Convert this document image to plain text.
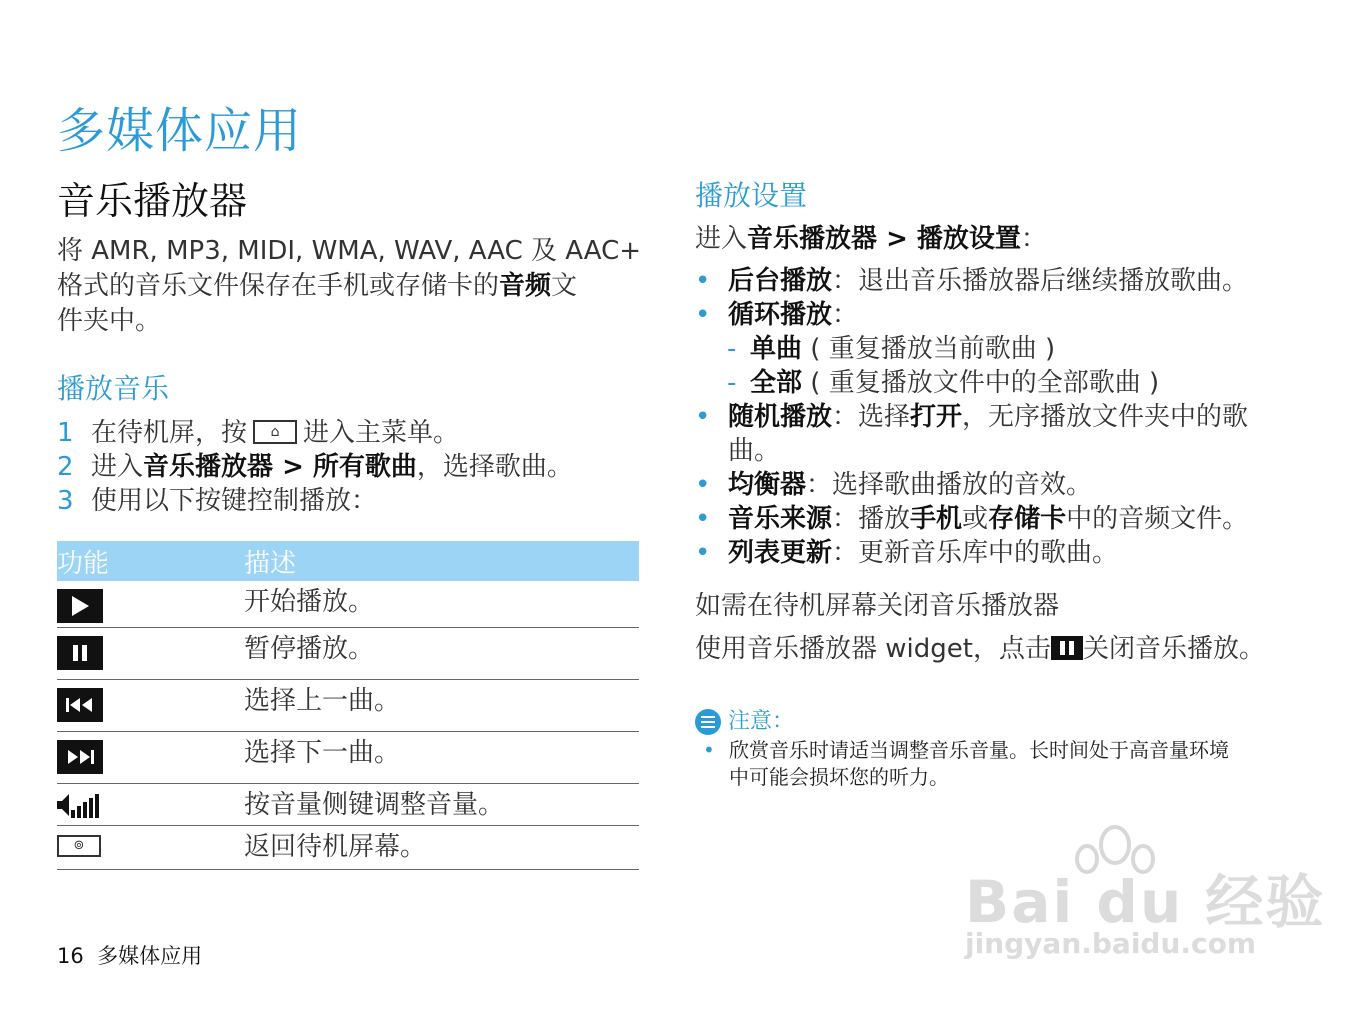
多媒体应用
音乐播放器
将 AMR, MP3, MIDI, WMA, WAV, AAC 及 AAC+
格式的音乐文件保存在手机或存储卡的音频文
件夹中。
播放音乐
1 在待机屏，按 ⌂ 进入主菜单。
2 进入音乐播放器 > 所有歌曲，选择歌曲。
3 使用以下按键控制播放：
功能	描述

	开始播放。

	暂停播放。

	选择上一曲。

	选择下一曲。

	按音量侧键调整音量。
⊚	返回待机屏幕。
播放设置
进入音乐播放器 > 播放设置：
• 后台播放：退出音乐播放器后继续播放歌曲。
• 循环播放：
- 单曲 ( 重复播放当前歌曲 )
- 全部 ( 重复播放文件中的全部歌曲 )
• 随机播放：选择打开，无序播放文件夹中的歌
曲。
• 均衡器：选择歌曲播放的音效。
• 音乐来源：播放手机或存储卡中的音频文件。
• 列表更新：更新音乐库中的歌曲。
如需在待机屏幕关闭音乐播放器
使用音乐播放器 widget，点击 关闭音乐播放。
注意：
• 欣赏音乐时请适当调整音乐音量。长时间处于高音量环境
中可能会损坏您的听力。
16 多媒体应用
Bai du 经验
jingyan.baidu.com
